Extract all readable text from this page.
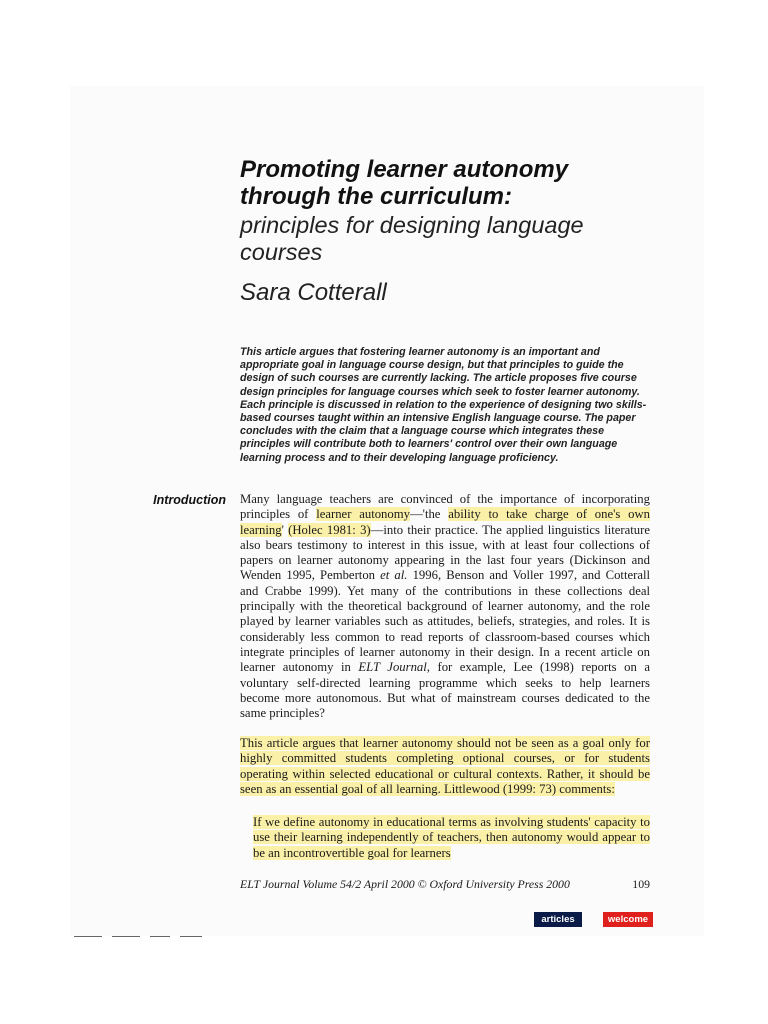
Promoting learner autonomy through the curriculum:
principles for designing language courses
Sara Cotterall
This article argues that fostering learner autonomy is an important and appropriate goal in language course design, but that principles to guide the design of such courses are currently lacking. The article proposes five course design principles for language courses which seek to foster learner autonomy. Each principle is discussed in relation to the experience of designing two skills-based courses taught within an intensive English language course. The paper concludes with the claim that a language course which integrates these principles will contribute both to learners' control over their own language learning process and to their developing language proficiency.
Introduction Many language teachers are convinced of the importance of incorporating principles of learner autonomy—'the ability to take charge of one's own learning' (Holec 1981: 3)—into their practice. The applied linguistics literature also bears testimony to interest in this issue, with at least four collections of papers on learner autonomy appearing in the last four years (Dickinson and Wenden 1995, Pemberton et al. 1996, Benson and Voller 1997, and Cotterall and Crabbe 1999). Yet many of the contributions in these collections deal principally with the theoretical background of learner autonomy, and the role played by learner variables such as attitudes, beliefs, strategies, and roles. It is considerably less common to read reports of classroom-based courses which integrate principles of learner autonomy in their design. In a recent article on learner autonomy in ELT Journal, for example, Lee (1998) reports on a voluntary self-directed learning programme which seeks to help learners become more autonomous. But what of mainstream courses dedicated to the same principles?
This article argues that learner autonomy should not be seen as a goal only for highly committed students completing optional courses, or for students operating within selected educational or cultural contexts. Rather, it should be seen as an essential goal of all learning. Littlewood (1999: 73) comments:
If we define autonomy in educational terms as involving students' capacity to use their learning independently of teachers, then autonomy would appear to be an incontrovertible goal for learners
ELT Journal Volume 54/2 April 2000 © Oxford University Press 2000	109
articles	welcome
